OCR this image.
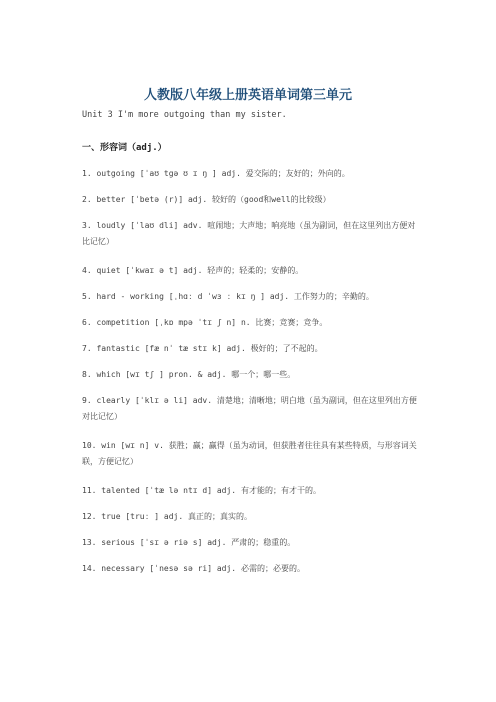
人教版八年级上册英语单词第三单元
Unit 3 I'm more outgoing than my sister.
一、形容词（adj.）
1. outgoing [ˈaʊ tgə ʊ ɪ ŋ ] adj. 爱交际的；友好的；外向的。
2. better [ˈbetə (r)] adj. 较好的（good和well的比较级）
3. loudly [ˈlaʊ dli] adv. 喧闹地；大声地；响亮地（虽为副词，但在这里列出方便对比记忆）
4. quiet [ˈkwaɪ ə t] adj. 轻声的；轻柔的；安静的。
5. hard - working [ˌhɑː d ˈwɜ ː kɪ ŋ ] adj. 工作努力的；辛勤的。
6. competition [ˌkɒ mpə ˈtɪ ʃ n] n. 比赛；竞赛；竞争。
7. fantastic [fæ nˈ tæ stɪ k] adj. 极好的；了不起的。
8. which [wɪ tʃ ] pron. & adj. 哪一个；哪一些。
9. clearly [ˈklɪ ə li] adv. 清楚地；清晰地；明白地（虽为副词，但在这里列出方便对比记忆）
10. win [wɪ n] v. 获胜；赢；赢得（虽为动词，但获胜者往往具有某些特质，与形容词关联，方便记忆）
11. talented [ˈtæ lə ntɪ d] adj. 有才能的；有才干的。
12. true [truː ] adj. 真正的；真实的。
13. serious [ˈsɪ ə riə s] adj. 严肃的；稳重的。
14. necessary [ˈnesə sə ri] adj. 必需的；必要的。
